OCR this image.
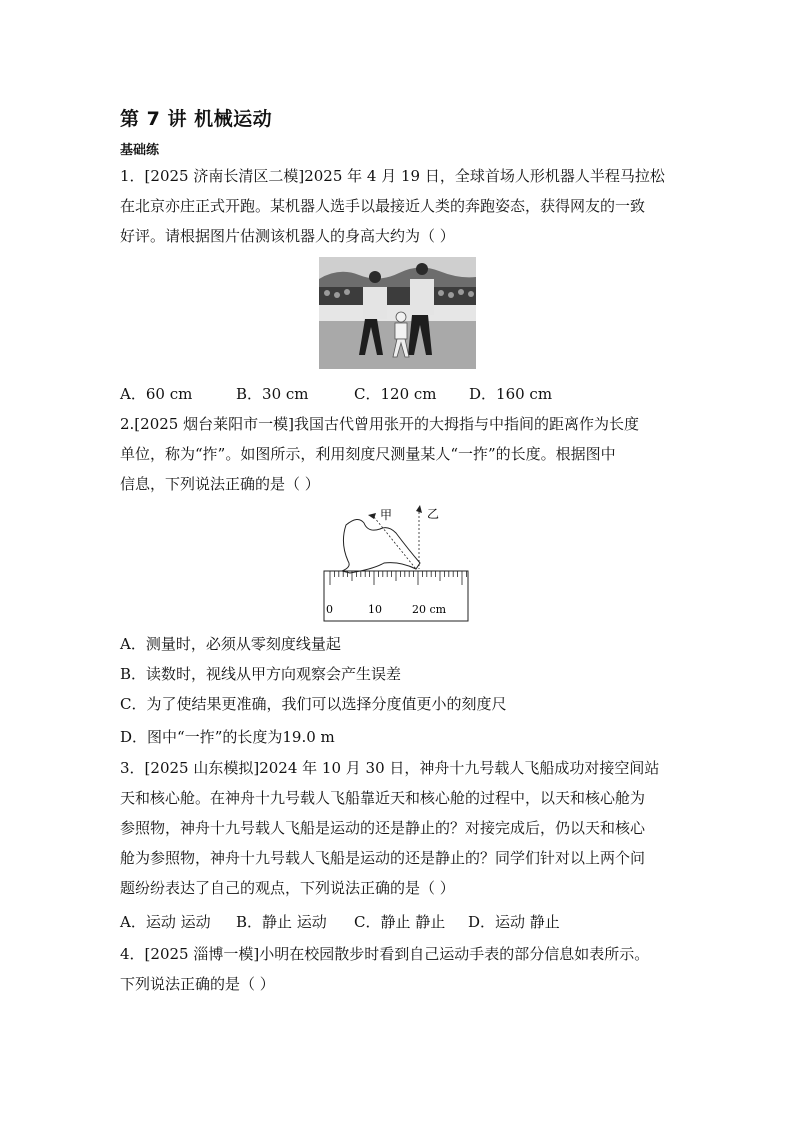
第 7 讲 机械运动
基础练
1．[2025 济南长清区二模]2025 年 4 月 19 日，全球首场人形机器人半程马拉松
在北京亦庄正式开跑。某机器人选手以最接近人类的奔跑姿态，获得网友的一致
好评。请根据图片估测该机器人的身高大约为（ ）
A．60 cm	B．30 cm	C．120 cm D．160 cm
2.[2025 烟台莱阳市一模]我国古代曾用张开的大拇指与中指间的距离作为长度
单位，称为“拃”。如图所示，利用刻度尺测量某人“一拃”的长度。根据图中
信息，下列说法正确的是（ ）
甲	乙
0	10	20 cm
A．测量时，必须从零刻度线量起
B．读数时，视线从甲方向观察会产生误差
C．为了使结果更准确，我们可以选择分度值更小的刻度尺
D．图中“一拃”的长度为19.0 m
3．[2025 山东模拟]2024 年 10 月 30 日，神舟十九号载人飞船成功对接空间站
天和核心舱。在神舟十九号载人飞船靠近天和核心舱的过程中，以天和核心舱为
参照物，神舟十九号载人飞船是运动的还是静止的？对接完成后，仍以天和核心
舱为参照物，神舟十九号载人飞船是运动的还是静止的？同学们针对以上两个问
题纷纷表达了自己的观点，下列说法正确的是（ ）
A．运动 运动 B．静止 运动 C．静止 静止 D．运动 静止
4．[2025 淄博一模]小明在校园散步时看到自己运动手表的部分信息如表所示。
下列说法正确的是（ ）
